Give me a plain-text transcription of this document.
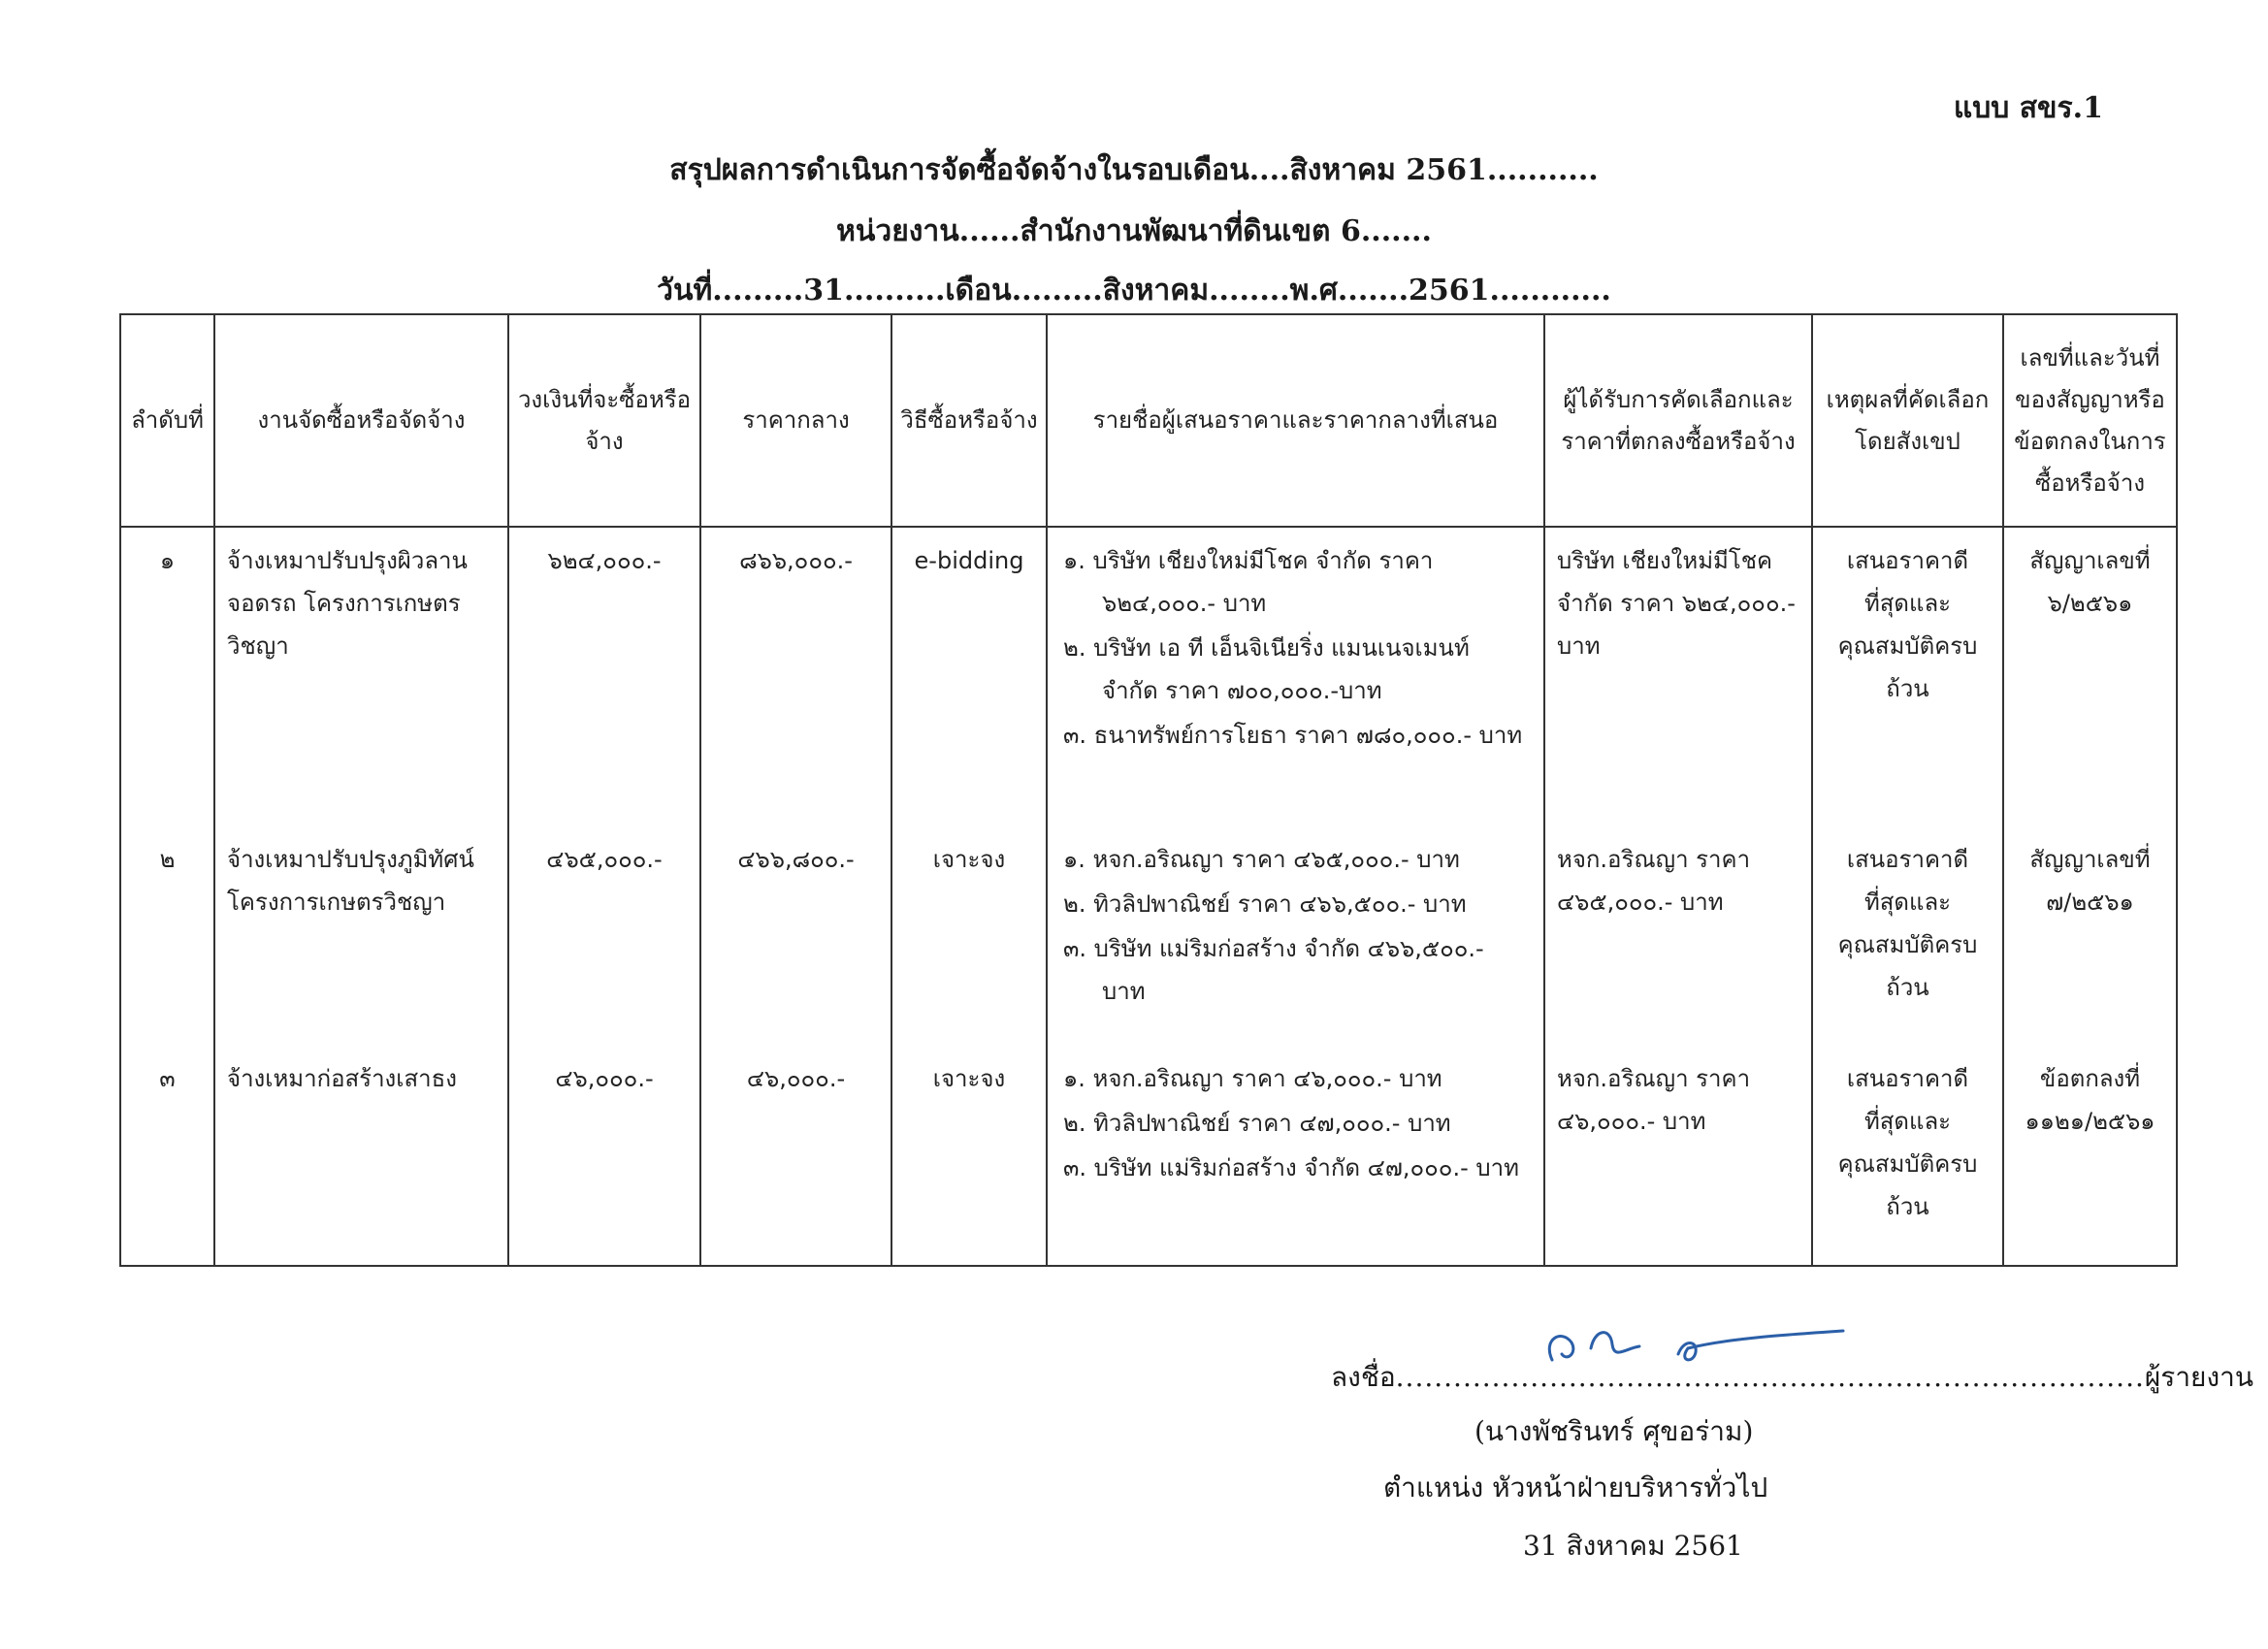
แบบ สขร.1
สรุปผลการดำเนินการจัดซื้อจัดจ้างในรอบเดือน....สิงหาคม 2561...........
หน่วยงาน......สำนักงานพัฒนาที่ดินเขต 6.......
วันที่.........31..........เดือน.........สิงหาคม........พ.ศ.......2561............
ลำดับที่	งานจัดซื้อหรือจัดจ้าง	วงเงินที่จะซื้อหรือจ้าง	ราคากลาง	วิธีซื้อหรือจ้าง	รายชื่อผู้เสนอราคาและราคากลางที่เสนอ	ผู้ได้รับการคัดเลือกและราคาที่ตกลงซื้อหรือจ้าง	เหตุผลที่คัดเลือกโดยสังเขป	เลขที่และวันที่ของสัญญาหรือข้อตกลงในการซื้อหรือจ้าง
๑	จ้างเหมาปรับปรุงผิวลานจอดรถ โครงการเกษตรวิชญา	๖๒๔,๐๐๐.-	๘๖๖,๐๐๐.-	e-bidding	๑. บริษัท เชียงใหม่มีโชค จำกัด ราคา ๖๒๔,๐๐๐.- บาท
๒. บริษัท เอ ที เอ็นจิเนียริ่ง แมนเนจเมนท์ จำกัด ราคา ๗๐๐,๐๐๐.-บาท
๓. ธนาทรัพย์การโยธา ราคา ๗๘๐,๐๐๐.- บาท	บริษัท เชียงใหม่มีโชค จำกัด ราคา ๖๒๔,๐๐๐.- บาท	เสนอราคาดีที่สุดและคุณสมบัติครบถ้วน	สัญญาเลขที่ ๖/๒๕๖๑
๒	จ้างเหมาปรับปรุงภูมิทัศน์ โครงการเกษตรวิชญา	๔๖๕,๐๐๐.-	๔๖๖,๘๐๐.-	เจาะจง	๑. หจก.อริณญา ราคา ๔๖๕,๐๐๐.- บาท
๒. ทิวลิปพาณิชย์ ราคา ๔๖๖,๕๐๐.- บาท
๓. บริษัท แม่ริมก่อสร้าง จำกัด ๔๖๖,๕๐๐.- บาท	หจก.อริณญา ราคา ๔๖๕,๐๐๐.- บาท	เสนอราคาดีที่สุดและคุณสมบัติครบถ้วน	สัญญาเลขที่ ๗/๒๕๖๑
๓	จ้างเหมาก่อสร้างเสาธง	๔๖,๐๐๐.-	๔๖,๐๐๐.-	เจาะจง	๑. หจก.อริณญา ราคา ๔๖,๐๐๐.- บาท
๒. ทิวลิปพาณิชย์ ราคา ๔๗,๐๐๐.- บาท
๓. บริษัท แม่ริมก่อสร้าง จำกัด ๔๗,๐๐๐.- บาท	หจก.อริณญา ราคา ๔๖,๐๐๐.- บาท	เสนอราคาดีที่สุดและคุณสมบัติครบถ้วน	ข้อตกลงที่ ๑๑๒๑/๒๕๖๑
ลงชื่อ..............................................................................ผู้รายงาน
(นางพัชรินทร์ ศุขอร่าม)
ตำแหน่ง หัวหน้าฝ่ายบริหารทั่วไป
31 สิงหาคม 2561
